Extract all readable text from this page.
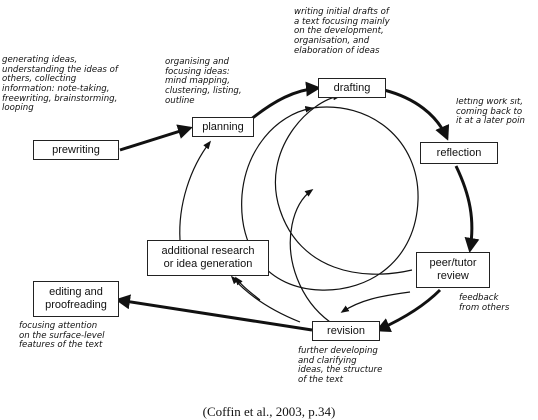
prewriting
planning
drafting
reflection
peer/tutor
review
revision
additional research
or idea generation
editing and
proofreading
generating ideas,
understanding the ideas of
others, collecting
information: note-taking,
freewriting, brainstorming,
looping
organising and
focusing ideas:
mind mapping,
clustering, listing,
outline
writing initial drafts of
a text focusing mainly
on the development,
organisation, and
elaboration of ideas
letting work sit,
coming back to
it at a later poin
feedback
from others
further developing
and clarifying
ideas, the structure
of the text
focusing attention
on the surface-level
features of the text
(Coffin et al., 2003, p.34)
